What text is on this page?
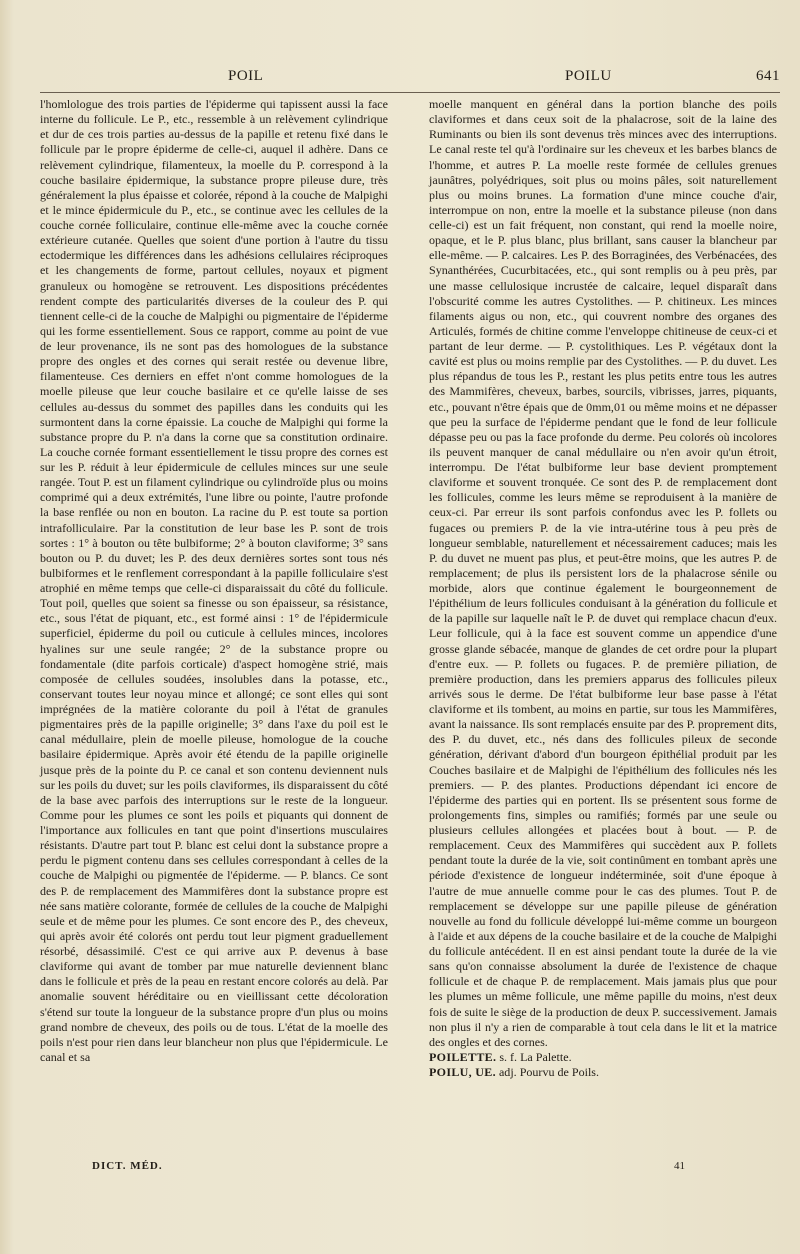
POIL	POILU	641

l'homlologue des trois parties de l'épiderme qui tapissent aussi la face interne du follicule. Le P., etc., ressemble à un relèvement cylindrique et dur de ces trois parties au-dessus de la papille et retenu fixé dans le follicule par le propre épiderme de celle-ci, auquel il adhère. Dans ce relèvement cylindrique, filamenteux, la moelle du P. correspond à la couche basilaire épidermique, la substance propre pileuse dure, très généralement la plus épaisse et colorée, répond à la couche de Malpighi et le mince épidermicule du P., etc., se continue avec les cellules de la couche cornée folliculaire, continue elle-même avec la couche cornée extérieure cutanée. Quelles que soient d'une portion à l'autre du tissu ectodermique les différences dans les adhésions cellulaires réciproques et les changements de forme, partout cellules, noyaux et pigment granuleux ou homogène se retrouvent. Les dispositions précédentes rendent compte des particularités diverses de la couleur des P. qui tiennent celle-ci de la couche de Malpighi ou pigmentaire de l'épiderme qui les forme essentiellement. Sous ce rapport, comme au point de vue de leur provenance, ils ne sont pas des homologues de la substance propre des ongles et des cornes qui serait restée ou devenue libre, filamenteuse. Ces derniers en effet n'ont comme homologues de la moelle pileuse que leur couche basilaire et ce qu'elle laisse de ses cellules au-dessus du sommet des papilles dans les conduits qui les surmontent dans la corne épaissie. La couche de Malpighi qui forme la substance propre du P. n'a dans la corne que sa constitution ordinaire. La couche cornée formant essentiellement le tissu propre des cornes est sur les P. réduit à leur épidermicule de cellules minces sur une seule rangée. Tout P. est un filament cylindrique ou cylindroïde plus ou moins comprimé qui a deux extrémités, l'une libre ou pointe, l'autre profonde la base renflée ou non en bouton. La racine du P. est toute sa portion intrafolliculaire. Par la constitution de leur base les P. sont de trois sortes : 1° à bouton ou tête bulbiforme; 2° à bouton claviforme; 3° sans bouton ou P. du duvet; les P. des deux dernières sortes sont tous nés bulbiformes et le renflement correspondant à la papille folliculaire s'est atrophié en même temps que celle-ci disparaissait du côté du follicule. Tout poil, quelles que soient sa finesse ou son épaisseur, sa résistance, etc., sous l'état de piquant, etc., est formé ainsi : 1° de l'épidermicule superficiel, épiderme du poil ou cuticule à cellules minces, incolores hyalines sur une seule rangée; 2° de la substance propre ou fondamentale (dite parfois corticale) d'aspect homogène strié, mais composée de cellules soudées, insolubles dans la potasse, etc., conservant toutes leur noyau mince et allongé; ce sont elles qui sont imprégnées de la matière colorante du poil à l'état de granules pigmentaires près de la papille originelle; 3° dans l'axe du poil est le canal médullaire, plein de moelle pileuse, homologue de la couche basilaire épidermique. Après avoir été étendu de la papille originelle jusque près de la pointe du P. ce canal et son contenu deviennent nuls sur les poils du duvet; sur les poils claviformes, ils disparaissent du côté de la base avec parfois des interruptions sur le reste de la longueur. Comme pour les plumes ce sont les poils et piquants qui donnent de l'importance aux follicules en tant que point d'insertions musculaires résistants. D'autre part tout P. blanc est celui dont la substance propre a perdu le pigment contenu dans ses cellules correspondant à celles de la couche de Malpighi ou pigmentée de l'épiderme. — P. blancs. Ce sont des P. de remplacement des Mammifères dont la substance propre est née sans matière colorante, formée de cellules de la couche de Malpighi seule et de même pour les plumes. Ce sont encore des P., des cheveux, qui après avoir été colorés ont perdu tout leur pigment graduellement résorbé, désassimilé. C'est ce qui arrive aux P. devenus à base claviforme qui avant de tomber par mue naturelle deviennent blanc dans le follicule et près de la peau en restant encore colorés au delà. Par anomalie souvent héréditaire ou en vieillissant cette décoloration s'étend sur toute la longueur de la substance propre d'un plus ou moins grand nombre de cheveux, des poils ou de tous. L'état de la moelle des poils n'est pour rien dans leur blancheur non plus que l'épidermicule. Le canal et sa

moelle manquent en général dans la portion blanche des poils claviformes et dans ceux soit de la phalacrose, soit de la laine des Ruminants ou bien ils sont devenus très minces avec des interruptions. Le canal reste tel qu'à l'ordinaire sur les cheveux et les barbes blancs de l'homme, et autres P. La moelle reste formée de cellules grenues jaunâtres, polyédriques, soit plus ou moins pâles, soit naturellement plus ou moins brunes. La formation d'une mince couche d'air, interrompue on non, entre la moelle et la substance pileuse (non dans celle-ci) est un fait fréquent, non constant, qui rend la moelle noire, opaque, et le P. plus blanc, plus brillant, sans causer la blancheur par elle-même. — P. calcaires. Les P. des Borraginées, des Verbénacées, des Synanthérées, Cucurbitacées, etc., qui sont remplis ou à peu près, par une masse cellulosique incrustée de calcaire, lequel disparaît dans l'obscurité comme les autres Cystolithes. — P. chitineux. Les minces filaments aigus ou non, etc., qui couvrent nombre des organes des Articulés, formés de chitine comme l'enveloppe chitineuse de ceux-ci et partant de leur derme. — P. cystolithiques. Les P. végétaux dont la cavité est plus ou moins remplie par des Cystolithes. — P. du duvet. Les plus répandus de tous les P., restant les plus petits entre tous les autres des Mammifères, cheveux, barbes, sourcils, vibrisses, jarres, piquants, etc., pouvant n'être épais que de 0mm,01 ou même moins et ne dépasser que peu la surface de l'épiderme pendant que le fond de leur follicule dépasse peu ou pas la face profonde du derme. Peu colorés où incolores ils peuvent manquer de canal médullaire ou n'en avoir qu'un étroit, interrompu. De l'état bulbiforme leur base devient promptement claviforme et souvent tronquée. Ce sont des P. de remplacement dont les follicules, comme les leurs même se reproduisent à la manière de ceux-ci. Par erreur ils sont parfois confondus avec les P. follets ou fugaces ou premiers P. de la vie intra-utérine tous à peu près de longueur semblable, naturellement et nécessairement caduces; mais les P. du duvet ne muent pas plus, et peut-être moins, que les autres P. de remplacement; de plus ils persistent lors de la phalacrose sénile ou morbide, alors que continue également le bourgeonnement de l'épithélium de leurs follicules conduisant à la génération du follicule et de la papille sur laquelle naît le P. de duvet qui remplace chacun d'eux. Leur follicule, qui à la face est souvent comme un appendice d'une grosse glande sébacée, manque de glandes de cet ordre pour la plupart d'entre eux. — P. follets ou fugaces. P. de première piliation, de première production, dans les premiers apparus des follicules pileux arrivés sous le derme. De l'état bulbiforme leur base passe à l'état claviforme et ils tombent, au moins en partie, sur tous les Mammifères, avant la naissance. Ils sont remplacés ensuite par des P. proprement dits, des P. du duvet, etc., nés dans des follicules pileux de seconde génération, dérivant d'abord d'un bourgeon épithélial produit par les Couches basilaire et de Malpighi de l'épithélium des follicules nés les premiers. — P. des plantes. Productions dépendant ici encore de l'épiderme des parties qui en portent. Ils se présentent sous forme de prolongements fins, simples ou ramifiés; formés par une seule ou plusieurs cellules allongées et placées bout à bout. — P. de remplacement. Ceux des Mammifères qui succèdent aux P. follets pendant toute la durée de la vie, soit continûment en tombant après une période d'existence de longueur indéterminée, soit d'une époque à l'autre de mue annuelle comme pour le cas des plumes. Tout P. de remplacement se développe sur une papille pileuse de génération nouvelle au fond du follicule développé lui-même comme un bourgeon à l'aide et aux dépens de la couche basilaire et de la couche de Malpighi du follicule antécédent. Il en est ainsi pendant toute la durée de la vie sans qu'on connaisse absolument la durée de l'existence de chaque follicule et de chaque P. de remplacement. Mais jamais plus que pour les plumes un même follicule, une même papille du moins, n'est deux fois de suite le siège de la production de deux P. successivement. Jamais non plus il n'y a rien de comparable à tout cela dans le lit et la matrice des ongles et des cornes.

POILETTE. s. f. La Palette.

POILU, UE. adj. Pourvu de Poils.

DICT. MÉD.	41
